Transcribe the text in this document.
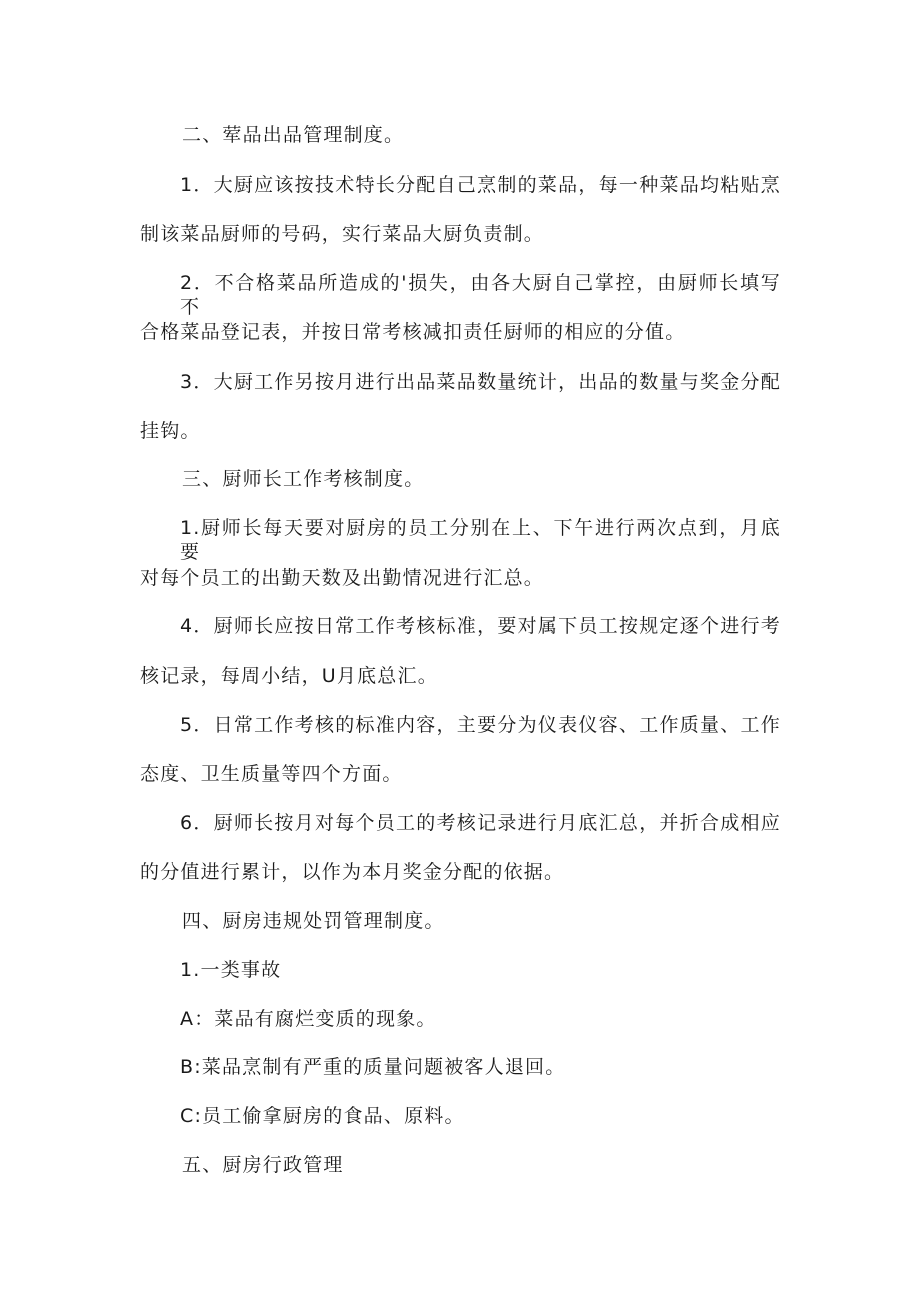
二、荤品出品管理制度。
1．大厨应该按技术特长分配自己烹制的菜品，每一种菜品均粘贴烹
制该菜品厨师的号码，实行菜品大厨负责制。
2．不合格菜品所造成的'损失，由各大厨自己掌控，由厨师长填写不
合格菜品登记表，并按日常考核减扣责任厨师的相应的分值。
3．大厨工作另按月进行出品菜品数量统计，出品的数量与奖金分配
挂钩。
三、厨师长工作考核制度。
1.厨师长每天要对厨房的员工分别在上、下午进行两次点到，月底要
对每个员工的出勤天数及出勤情况进行汇总。
4．厨师长应按日常工作考核标准，要对属下员工按规定逐个进行考
核记录，每周小结，U月底总汇。
5．日常工作考核的标准内容，主要分为仪表仪容、工作质量、工作
态度、卫生质量等四个方面。
6．厨师长按月对每个员工的考核记录进行月底汇总，并折合成相应
的分值进行累计，以作为本月奖金分配的依据。
四、厨房违规处罚管理制度。
1.一类事故
A：菜品有腐烂变质的现象。
B:菜品烹制有严重的质量问题被客人退回。
C:员工偷拿厨房的食品、原料。
五、厨房行政管理
